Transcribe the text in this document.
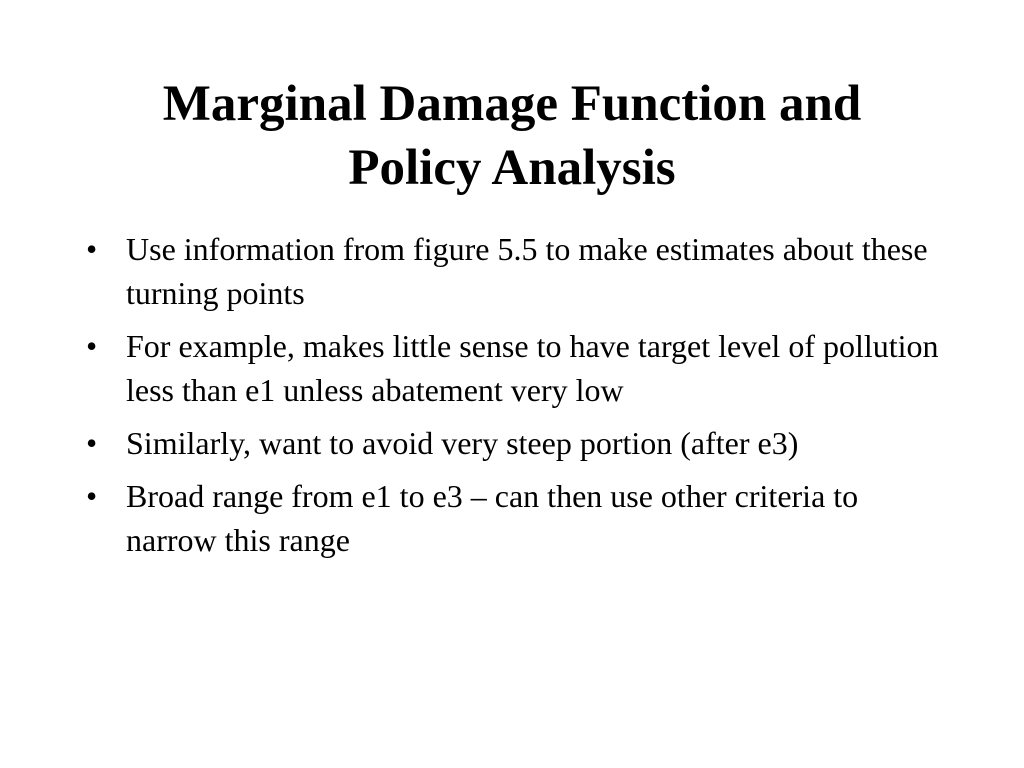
Marginal Damage Function and
Policy Analysis
• Use information from figure 5.5 to make estimates about these turning points
• For example, makes little sense to have target level of pollution less than e1 unless abatement very low
• Similarly, want to avoid very steep portion (after e3)
• Broad range from e1 to e3 – can then use other criteria to narrow this range
